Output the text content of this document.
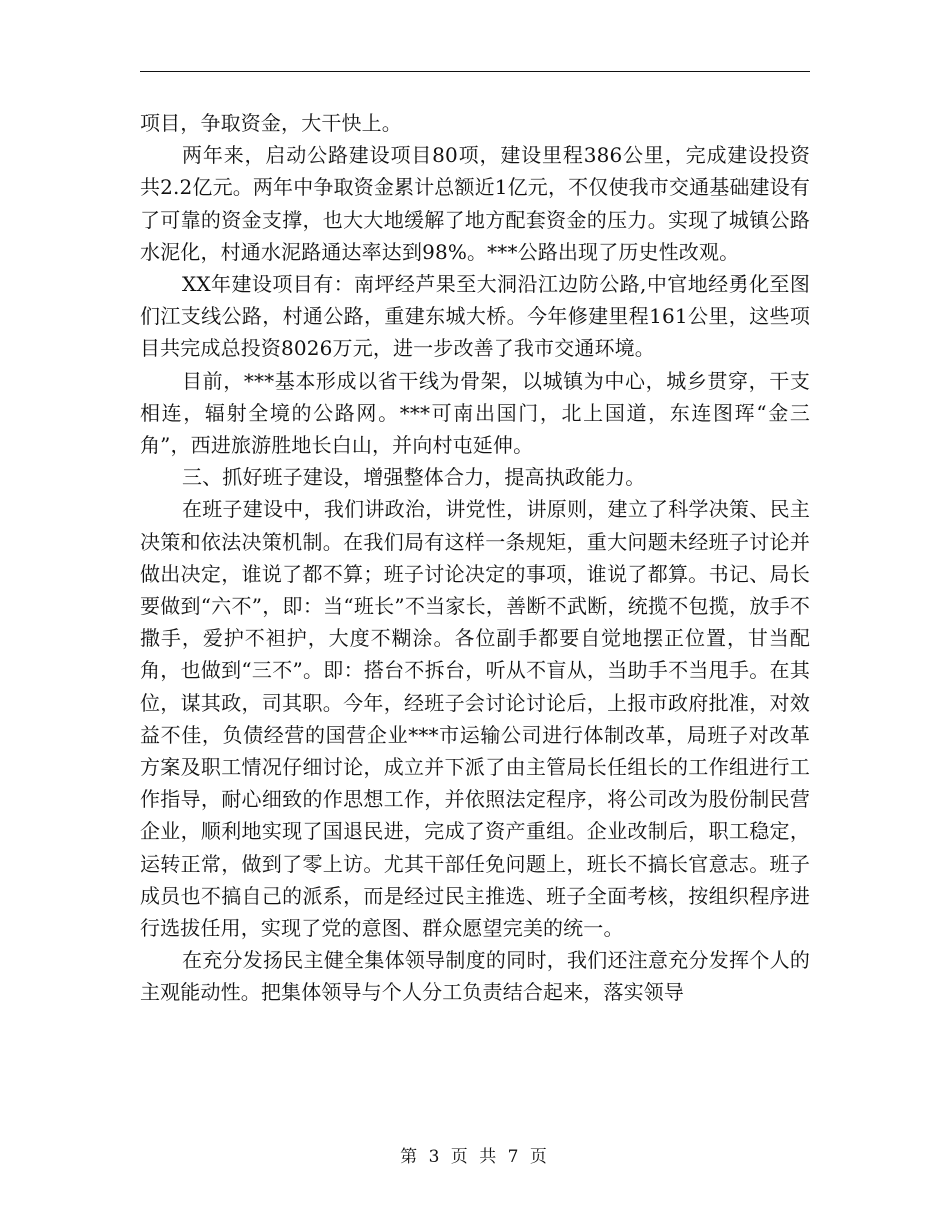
项目，争取资金，大干快上。

两年来，启动公路建设项目80项，建设里程386公里，完成建设投资共2.2亿元。两年中争取资金累计总额近1亿元，不仅使我市交通基础建设有了可靠的资金支撑，也大大地缓解了地方配套资金的压力。实现了城镇公路水泥化，村通水泥路通达率达到98%。***公路出现了历史性改观。

XX年建设项目有：南坪经芦果至大洞沿江边防公路,中官地经勇化至图们江支线公路，村通公路，重建东城大桥。今年修建里程161公里，这些项目共完成总投资8026万元，进一步改善了我市交通环境。

目前，***基本形成以省干线为骨架，以城镇为中心，城乡贯穿，干支相连，辐射全境的公路网。***可南出国门，北上国道，东连图珲“金三角”，西进旅游胜地长白山，并向村屯延伸。

三、抓好班子建设，增强整体合力，提高执政能力。

在班子建设中，我们讲政治，讲党性，讲原则，建立了科学决策、民主决策和依法决策机制。在我们局有这样一条规矩，重大问题未经班子讨论并做出决定，谁说了都不算；班子讨论决定的事项，谁说了都算。书记、局长要做到“六不”，即：当“班长”不当家长，善断不武断，统揽不包揽，放手不撒手，爱护不袒护，大度不糊涂。各位副手都要自觉地摆正位置，甘当配角，也做到“三不”。即：搭台不拆台，听从不盲从，当助手不当甩手。在其位，谋其政，司其职。今年，经班子会讨论讨论后，上报市政府批准，对效益不佳，负债经营的国营企业***市运输公司进行体制改革，局班子对改革方案及职工情况仔细讨论，成立并下派了由主管局长任组长的工作组进行工作指导，耐心细致的作思想工作，并依照法定程序，将公司改为股份制民营企业，顺利地实现了国退民进，完成了资产重组。企业改制后，职工稳定，运转正常，做到了零上访。尤其干部任免问题上，班长不搞长官意志。班子成员也不搞自己的派系，而是经过民主推选、班子全面考核，按组织程序进行选拔任用，实现了党的意图、群众愿望完美的统一。

在充分发扬民主健全集体领导制度的同时，我们还注意充分发挥个人的主观能动性。把集体领导与个人分工负责结合起来，落实领导

第 3 页 共 7 页
